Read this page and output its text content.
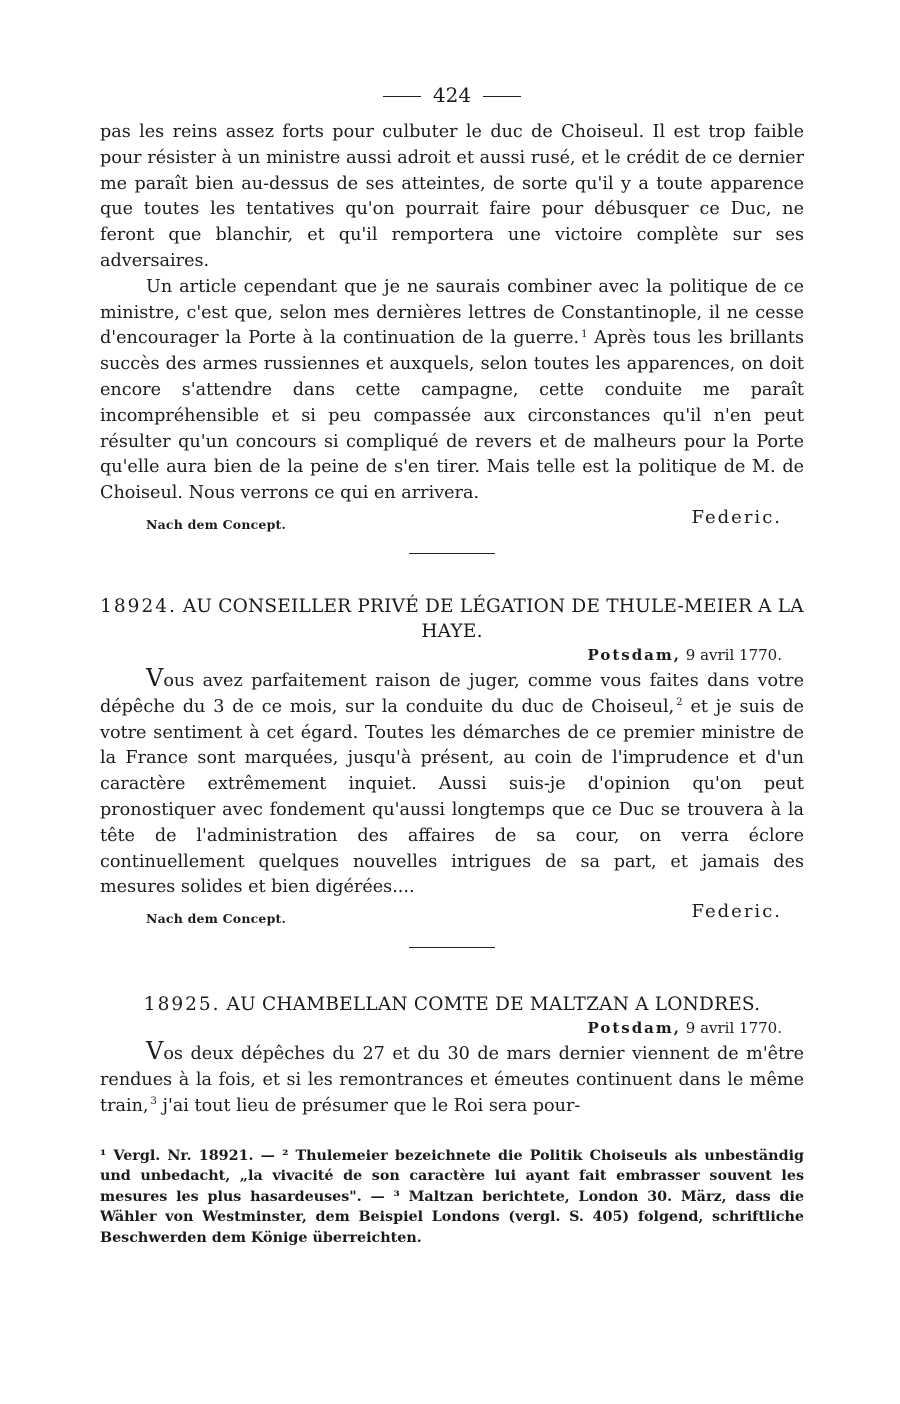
424

pas les reins assez forts pour culbuter le duc de Choiseul. Il est trop faible pour résister à un ministre aussi adroit et aussi rusé, et le crédit de ce dernier me paraît bien au-dessus de ses atteintes, de sorte qu'il y a toute apparence que toutes les tentatives qu'on pourrait faire pour débusquer ce Duc, ne feront que blanchir, et qu'il remportera une victoire complète sur ses adversaires.

Un article cependant que je ne saurais combiner avec la politique de ce ministre, c'est que, selon mes dernières lettres de Constantinople, il ne cesse d'encourager la Porte à la continuation de la guerre. $^1$ Après tous les brillants succès des armes russiennes et auxquels, selon toutes les apparences, on doit encore s'attendre dans cette campagne, cette conduite me paraît incompréhensible et si peu compassée aux circonstances qu'il n'en peut résulter qu'un concours si compliqué de revers et de malheurs pour la Porte qu'elle aura bien de la peine de s'en tirer. Mais telle est la politique de M. de Choiseul. Nous verrons ce qui en arrivera.

Nach dem Concept.	Federic.
18924. AU CONSEILLER PRIVÉ DE LÉGATION DE THULE-MEIER A LA HAYE.
Potsdam, 9 avril 1770.

Vous avez parfaitement raison de juger, comme vous faites dans votre dépêche du 3 de ce mois, sur la conduite du duc de Choiseul, $^2$ et je suis de votre sentiment à cet égard. Toutes les démarches de ce premier ministre de la France sont marquées, jusqu'à présent, au coin de l'imprudence et d'un caractère extrêmement inquiet. Aussi suis-je d'opinion qu'on peut pronostiquer avec fondement qu'aussi longtemps que ce Duc se trouvera à la tête de l'administration des affaires de sa cour, on verra éclore continuellement quelques nouvelles intrigues de sa part, et jamais des mesures solides et bien digérées....

Nach dem Concept.	Federic.
18925. AU CHAMBELLAN COMTE DE MALTZAN A LONDRES.
Potsdam, 9 avril 1770.

Vos deux dépêches du 27 et du 30 de mars dernier viennent de m'être rendues à la fois, et si les remontrances et émeutes continuent dans le même train, $^3$ j'ai tout lieu de présumer que le Roi sera pour-

¹ Vergl. Nr. 18921. — ² Thulemeier bezeichnete die Politik Choiseuls als unbeständig und unbedacht, „la vivacité de son caractère lui ayant fait embrasser souvent les mesures les plus hasardeuses". — ³ Maltzan berichtete, London 30. März, dass die Wähler von Westminster, dem Beispiel Londons (vergl. S. 405) folgend, schriftliche Beschwerden dem Könige überreichten.
